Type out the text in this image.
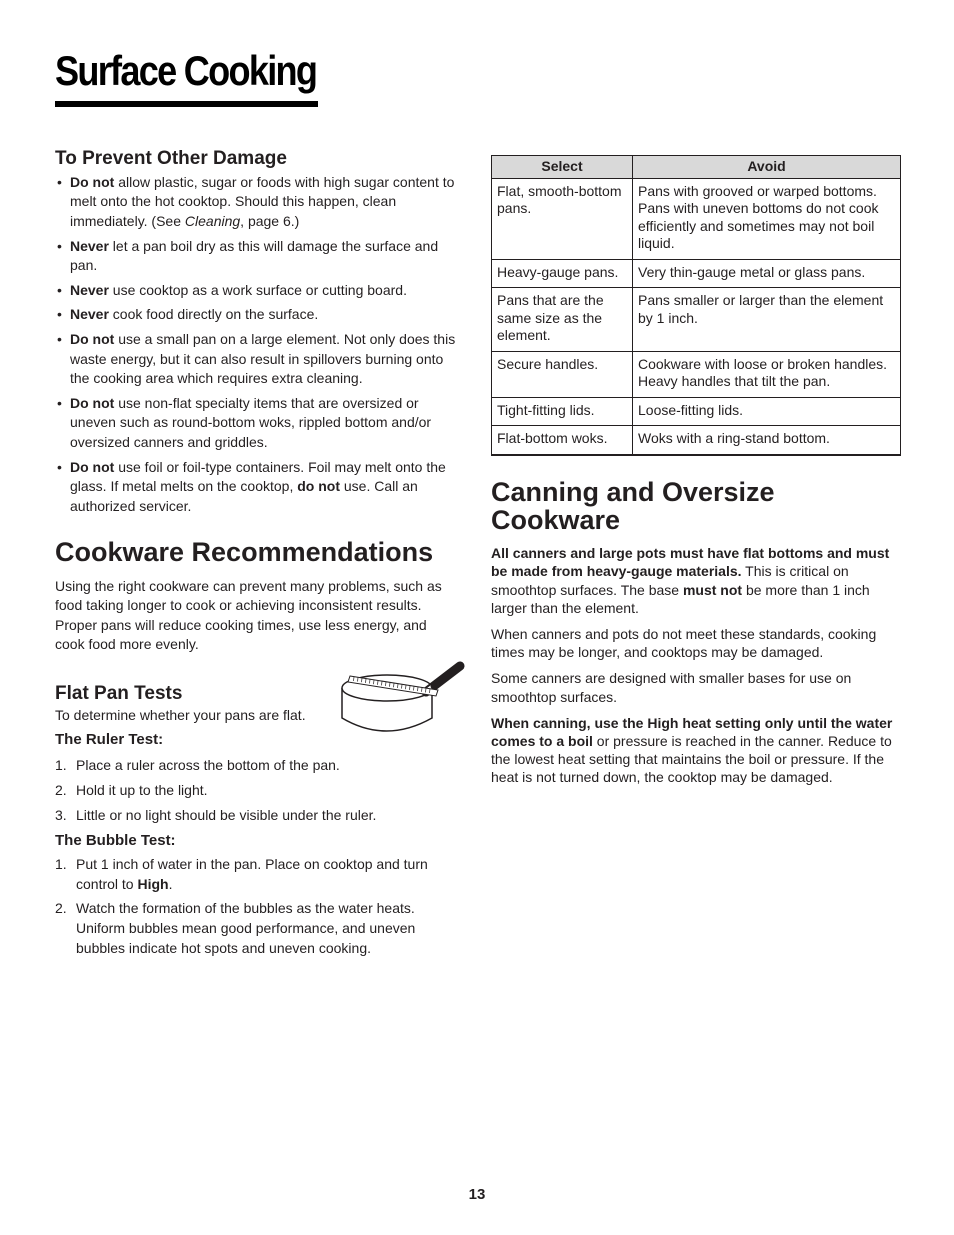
Surface Cooking
To Prevent Other Damage
• Do not allow plastic, sugar or foods with high sugar content to melt onto the hot cooktop. Should this happen, clean immediately. (See Cleaning, page 6.)
• Never let a pan boil dry as this will damage the surface and pan.
• Never use cooktop as a work surface or cutting board.
• Never cook food directly on the surface.
• Do not use a small pan on a large element. Not only does this waste energy, but it can also result in spillovers burning onto the cooking area which requires extra cleaning.
• Do not use non-flat specialty items that are oversized or uneven such as round-bottom woks, rippled bottom and/or oversized canners and griddles.
• Do not use foil or foil-type containers. Foil may melt onto the glass. If metal melts on the cooktop, do not use. Call an authorized servicer.
Cookware Recommendations

Using the right cookware can prevent many problems, such as food taking longer to cook or achieving inconsistent results. Proper pans will reduce cooking times, use less energy, and cook food more evenly.

Flat Pan Tests

To determine whether your pans are flat.

The Ruler Test:
1. Place a ruler across the bottom of the pan.
2. Hold it up to the light.
3. Little or no light should be visible under the ruler.
The Bubble Test:
1. Put 1 inch of water in the pan. Place on cooktop and turn control to High.
2. Watch the formation of the bubbles as the water heats. Uniform bubbles mean good performance, and uneven bubbles indicate hot spots and uneven cooking.
Select	Avoid
Flat, smooth-bottom pans.	Pans with grooved or warped bottoms. Pans with uneven bottoms do not cook efficiently and sometimes may not boil liquid.
Heavy-gauge pans.	Very thin-gauge metal or glass pans.
Pans that are the same size as the element.	Pans smaller or larger than the element by 1 inch.
Secure handles.	Cookware with loose or broken handles. Heavy handles that tilt the pan.
Tight-fitting lids.	Loose-fitting lids.
Flat-bottom woks.	Woks with a ring-stand bottom.
Canning and Oversize Cookware

All canners and large pots must have flat bottoms and must be made from heavy-gauge materials. This is critical on smoothtop surfaces. The base must not be more than 1 inch larger than the element.

When canners and pots do not meet these standards, cooking times may be longer, and cooktops may be damaged.

Some canners are designed with smaller bases for use on smoothtop surfaces.

When canning, use the High heat setting only until the water comes to a boil or pressure is reached in the canner. Reduce to the lowest heat setting that maintains the boil or pressure. If the heat is not turned down, the cooktop may be damaged.

13
